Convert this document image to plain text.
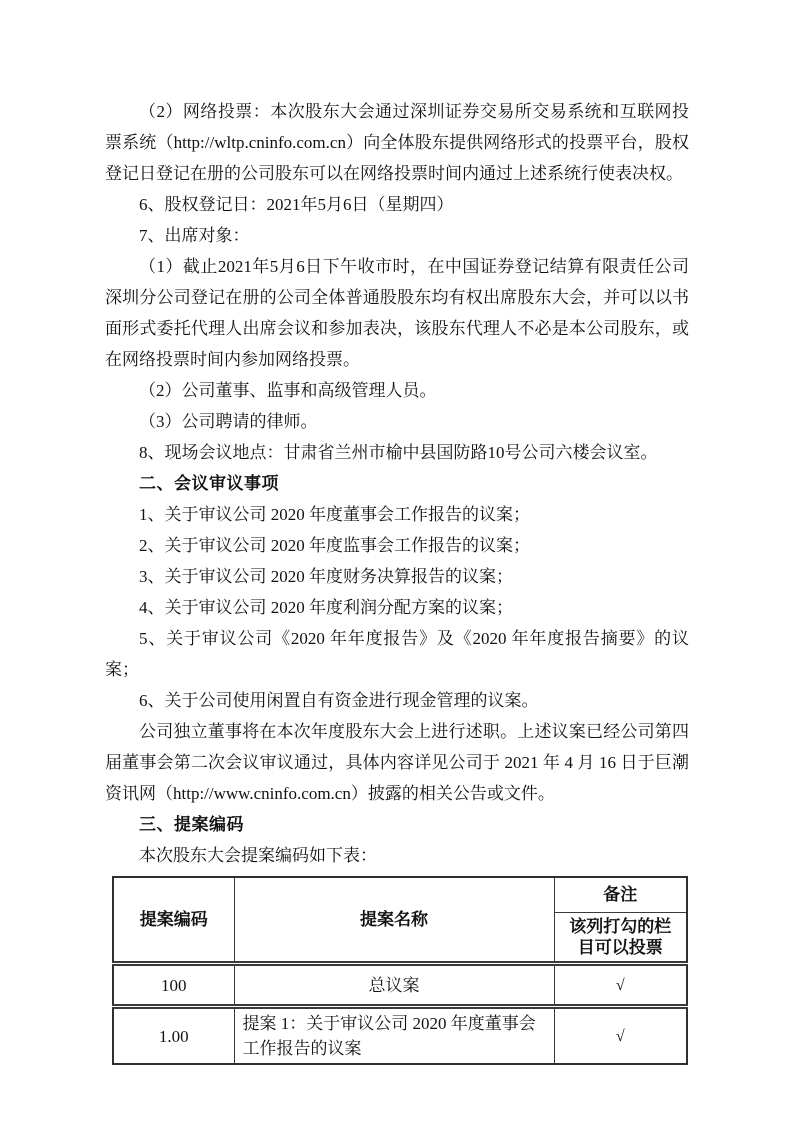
（2）网络投票：本次股东大会通过深圳证券交易所交易系统和互联网投票系统（http://wltp.cninfo.com.cn）向全体股东提供网络形式的投票平台，股权登记日登记在册的公司股东可以在网络投票时间内通过上述系统行使表决权。

6、股权登记日：2021年5月6日（星期四）

7、出席对象：

（1）截止2021年5月6日下午收市时，在中国证券登记结算有限责任公司深圳分公司登记在册的公司全体普通股股东均有权出席股东大会，并可以以书面形式委托代理人出席会议和参加表决，该股东代理人不必是本公司股东，或在网络投票时间内参加网络投票。

（2）公司董事、监事和高级管理人员。

（3）公司聘请的律师。

8、现场会议地点：甘肃省兰州市榆中县国防路10号公司六楼会议室。

二、会议审议事项

1、关于审议公司 2020 年度董事会工作报告的议案；

2、关于审议公司 2020 年度监事会工作报告的议案；

3、关于审议公司 2020 年度财务决算报告的议案；

4、关于审议公司 2020 年度利润分配方案的议案；

5、关于审议公司《2020 年年度报告》及《2020 年年度报告摘要》的议案；

6、关于公司使用闲置自有资金进行现金管理的议案。

公司独立董事将在本次年度股东大会上进行述职。上述议案已经公司第四届董事会第二次会议审议通过，具体内容详见公司于 2021 年 4 月 16 日于巨潮资讯网（http://www.cninfo.com.cn）披露的相关公告或文件。

三、提案编码

本次股东大会提案编码如下表：

提案编码	提案名称	备注
		该列打勾的栏目可以投票
100	总议案	√
1.00	提案 1：关于审议公司 2020 年度董事会工作报告的议案	√
